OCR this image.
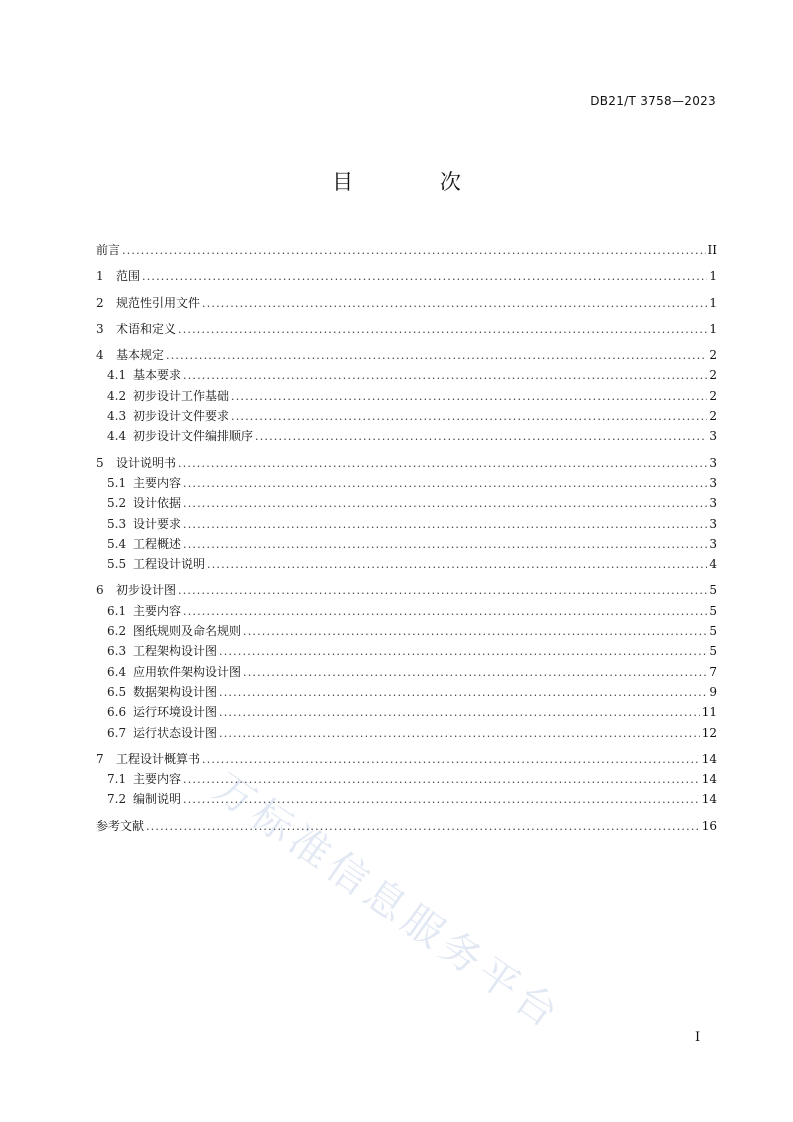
DB21/T 3758—2023
目 次
前言 .....	II
1	范围 .....	1
2	规范性引用文件 .....	1
3	术语和定义 .....	1
4	基本规定 .....	2
4.1 基本要求 .....	2
4.2 初步设计工作基础 .....	2
4.3 初步设计文件要求 .....	2
4.4 初步设计文件编排顺序 .....	3
5	设计说明书 .....	3
5.1 主要内容 .....	3
5.2 设计依据 .....	3
5.3 设计要求 .....	3
5.4 工程概述 .....	3
5.5 工程设计说明 .....	4
6	初步设计图 .....	5
6.1 主要内容 .....	5
6.2 图纸规则及命名规则 .....	5
6.3 工程架构设计图 .....	5
6.4 应用软件架构设计图 .....	7
6.5 数据架构设计图 .....	9
6.6 运行环境设计图 .....	11
6.7 运行状态设计图 .....	12
7	工程设计概算书 .....	14
7.1 主要内容 .....	14
7.2 编制说明 .....	14
参考文献 .....	16
万标准信息服务平台	I
